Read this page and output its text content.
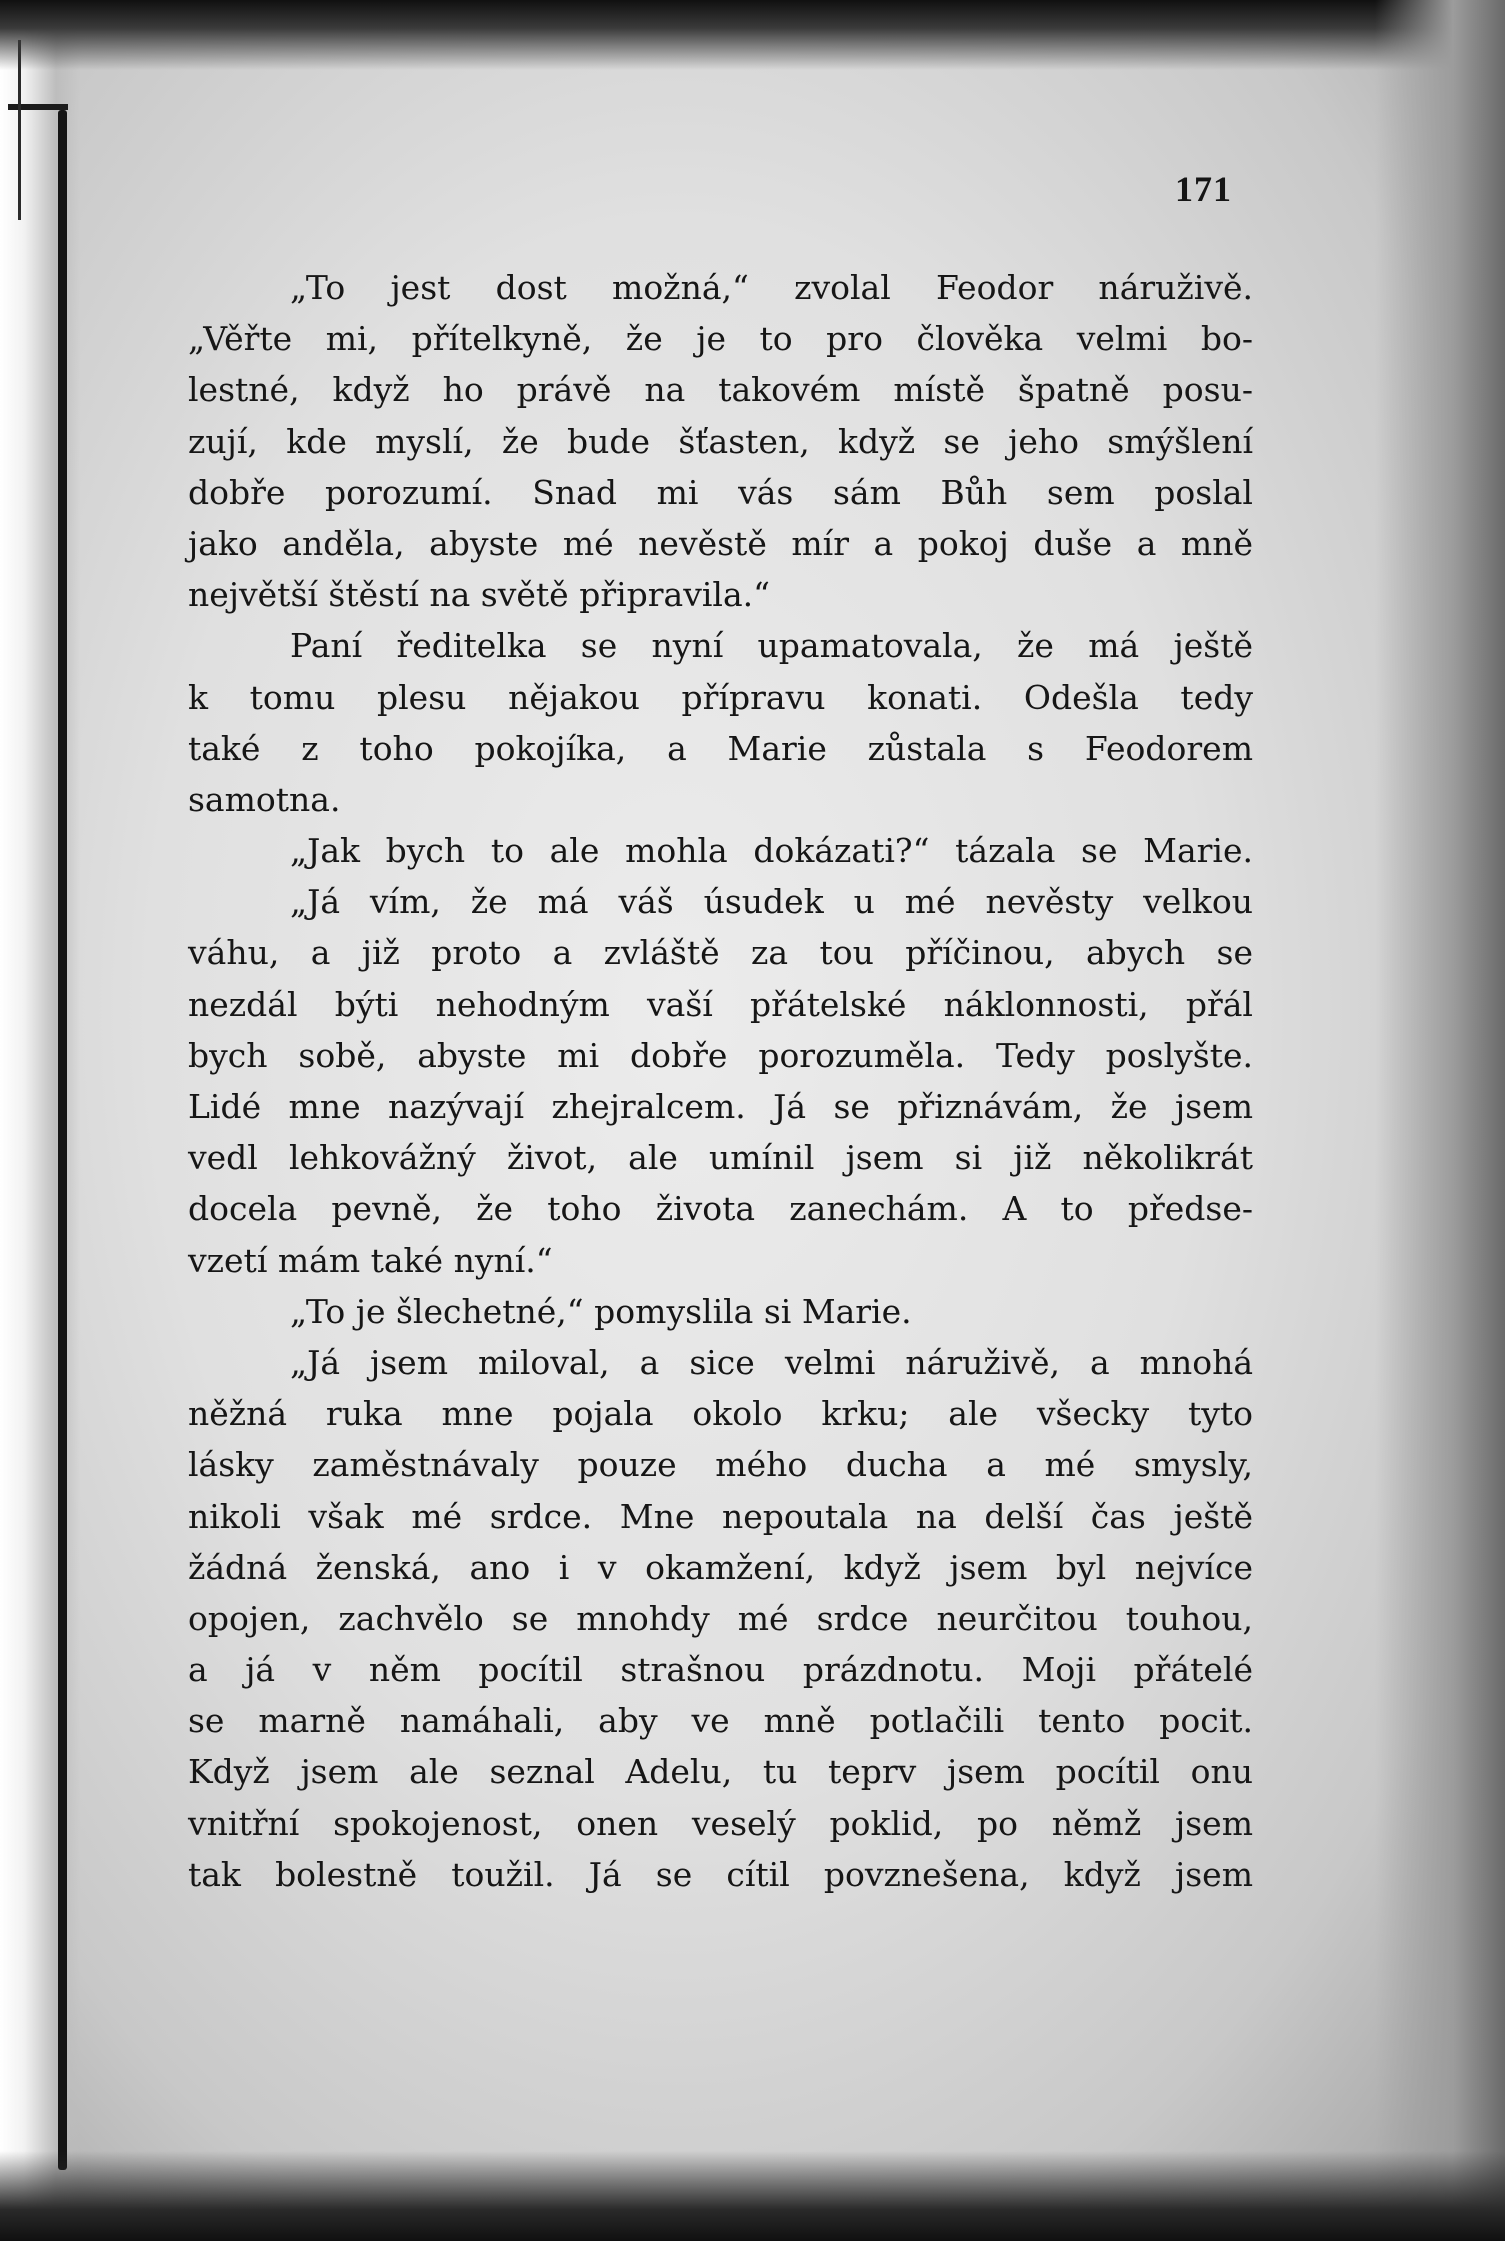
171
„To jest dost možná,“ zvolal Feodor náruživě.
„Věřte mi, přítelkyně, že je to pro člověka velmi bo-
lestné, když ho právě na takovém místě špatně posu-
zují, kde myslí, že bude šťasten, když se jeho smýšlení
dobře porozumí. Snad mi vás sám Bůh sem poslal
jako anděla, abyste mé nevěstě mír a pokoj duše a mně
největší štěstí na světě připravila.“
Paní ředitelka se nyní upamatovala, že má ještě
k tomu plesu nějakou přípravu konati. Odešla tedy
také z toho pokojíka, a Marie zůstala s Feodorem
samotna.
„Jak bych to ale mohla dokázati?“ tázala se Marie.
„Já vím, že má váš úsudek u mé nevěsty velkou
váhu, a již proto a zvláště za tou příčinou, abych se
nezdál býti nehodným vaší přátelské náklonnosti, přál
bych sobě, abyste mi dobře porozuměla. Tedy poslyšte.
Lidé mne nazývají zhejralcem. Já se přiznávám, že jsem
vedl lehkovážný život, ale umínil jsem si již několikrát
docela pevně, že toho života zanechám. A to předse-
vzetí mám také nyní.“
„To je šlechetné,“ pomyslila si Marie.
„Já jsem miloval, a sice velmi náruživě, a mnohá
něžná ruka mne pojala okolo krku; ale všecky tyto
lásky zaměstnávaly pouze mého ducha a mé smysly,
nikoli však mé srdce. Mne nepoutala na delší čas ještě
žádná ženská, ano i v okamžení, když jsem byl nejvíce
opojen, zachvělo se mnohdy mé srdce neurčitou touhou,
a já v něm pocítil strašnou prázdnotu. Moji přátelé
se marně namáhali, aby ve mně potlačili tento pocit.
Když jsem ale seznal Adelu, tu teprv jsem pocítil onu
vnitřní spokojenost, onen veselý poklid, po němž jsem
tak bolestně toužil. Já se cítil povznešena, když jsem
